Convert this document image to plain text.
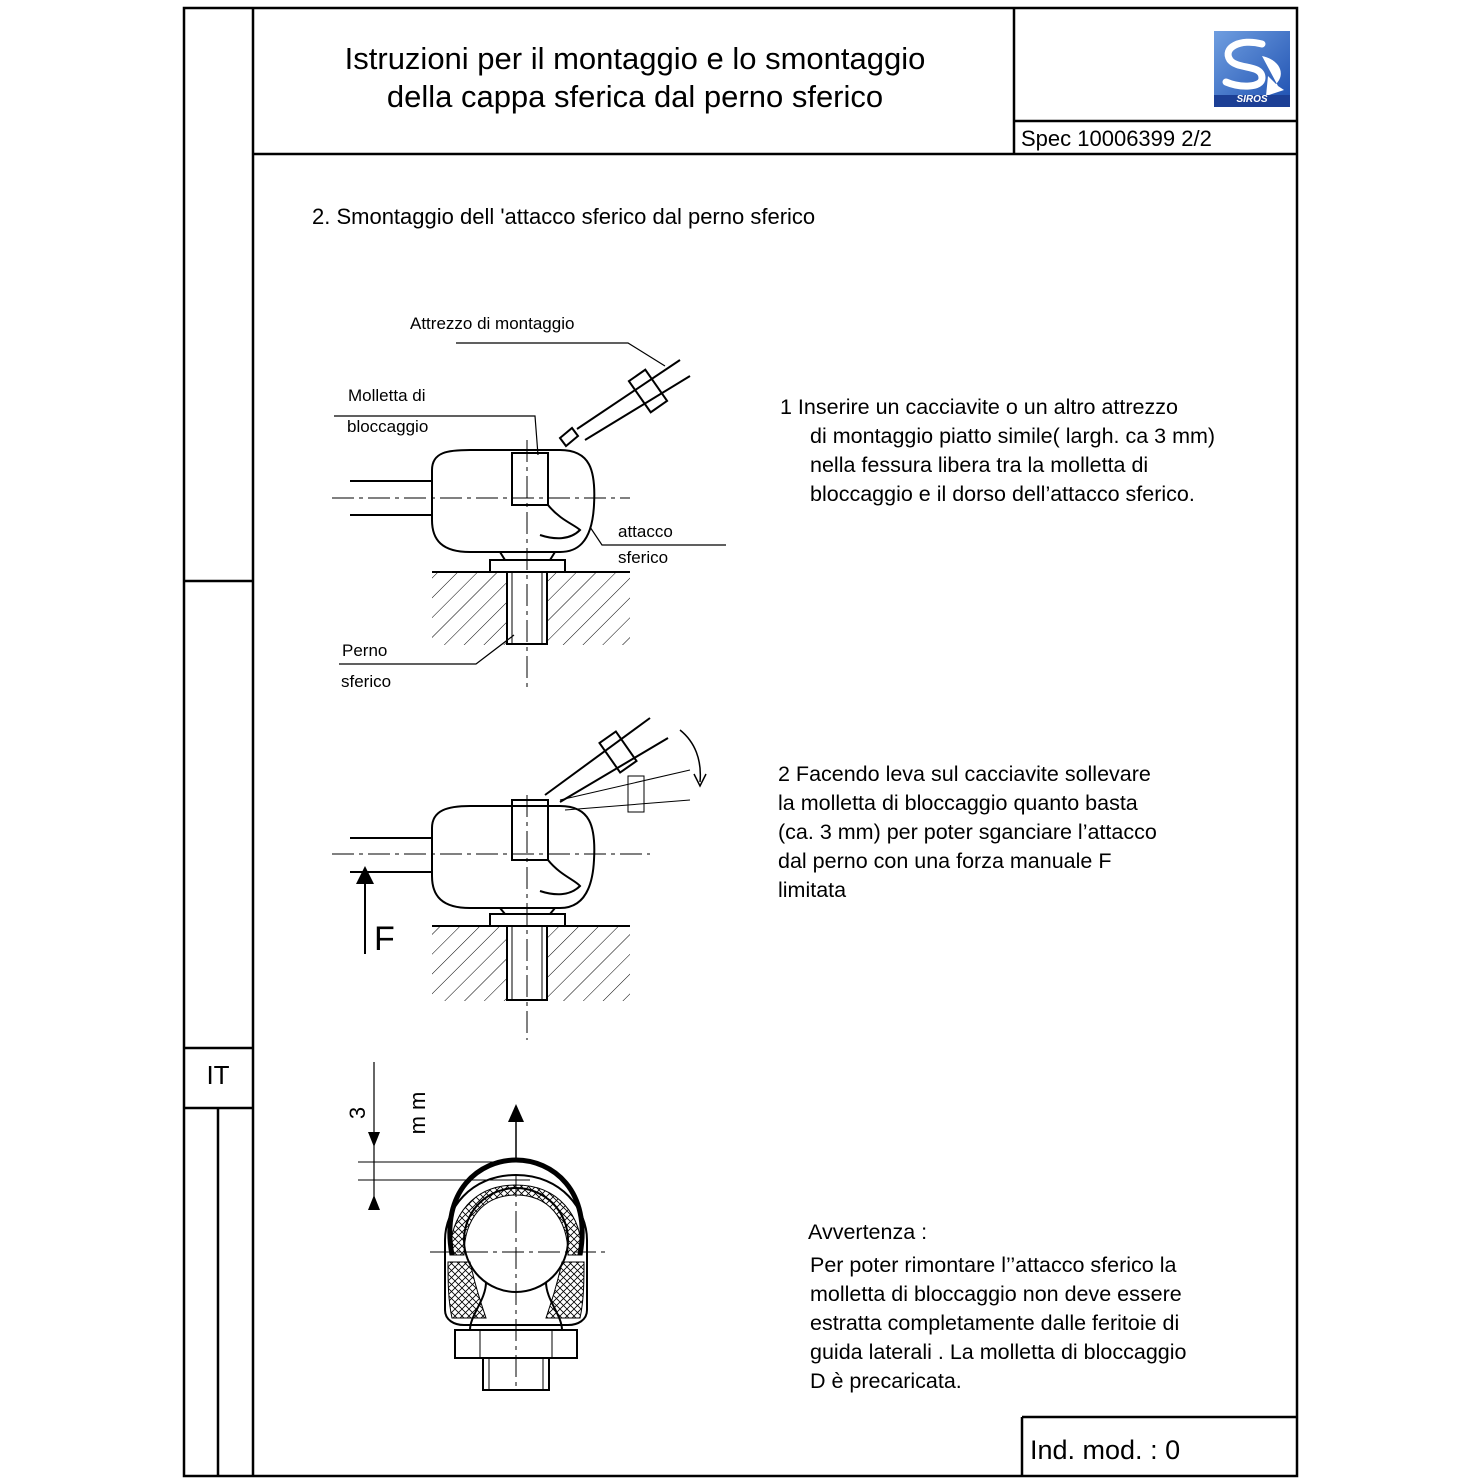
SIROS
Istruzioni per il montaggio e lo smontaggio
della cappa sferica dal perno sferico
Spec 10006399 2/2
IT
2. Smontaggio dell 'attacco sferico dal perno sferico
Attrezzo di montaggio
Molletta di
bloccaggio
attacco
sferico
Perno
sferico
F
3 mm
1 Inserire un cacciavite o un altro attrezzo
di montaggio piatto simile( largh. ca 3 mm)
nella fessura libera tra la molletta di
bloccaggio e il dorso dell’attacco sferico.
2 Facendo leva sul cacciavite sollevare
la molletta di bloccaggio quanto basta
(ca. 3 mm) per poter sganciare l’attacco
dal perno con una forza manuale F
limitata
Avvertenza :
Per poter rimontare l’’attacco sferico la
molletta di bloccaggio non deve essere
estratta completamente dalle feritoie di
guida laterali . La molletta di bloccaggio
D è precaricata.
Ind. mod. : 0
